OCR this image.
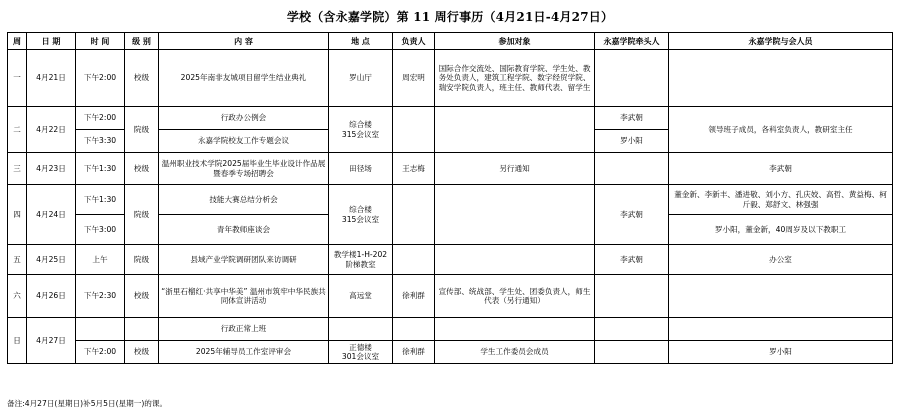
学校（含永嘉学院）第 11 周行事历（4月21日-4月27日）
周	日 期	时 间	级 别	内 容	地 点	负责人	参加对象	永嘉学院牵头人	永嘉学院与会人员
一	4月21日	下午2:00	校级	2025年南非友城项目留学生结业典礼	罗山厅	周宏明	国际合作交流处、国际教育学院、学生处、教务处负责人，建筑工程学院、数字经贸学院、瑞安学院负责人，班主任、教师代表、留学生		
二	4月22日	下午2:00	院级	行政办公例会	综合楼
315会议室			李武朝	领导班子成员，各科室负责人，教研室主任
		下午3:30		永嘉学院校友工作专题会议				罗小阳	
三	4月23日	下午1:30	校级	温州职业技术学院2025届毕业生毕业设计作品展暨春季专场招聘会	田径场	王志梅	另行通知		李武朝
四	4月24日	下午1:30	院级	技能大赛总结分析会	综合楼
315会议室			李武朝	董金新、李新丰、潘进敬、刘小方、孔庆姣、高哲、黄益梅、柯斤毅、郑舒文、林强强
		下午3:00		青年教师座谈会					罗小阳，董金新，40周岁及以下教职工
五	4月25日	上午	院级	县域产业学院调研团队来访调研	教学楼1-H-202
阶梯教室			李武朝	办公室
六	4月26日	下午2:30	校级	“浙里石榴红·共享中华美” 温州市筑牢中华民族共同体宣讲活动	高远堂	徐利群	宣传部、统战部、学生处、团委负责人，师生代表（另行通知）		
日	4月27日			行政正常上班					
		下午2:00	校级	2025年辅导员工作室评审会	正德楼
301会议室	徐利群	学生工作委员会成员		罗小阳
备注:4月27日(星期日)补5月5日(星期一)的课。
